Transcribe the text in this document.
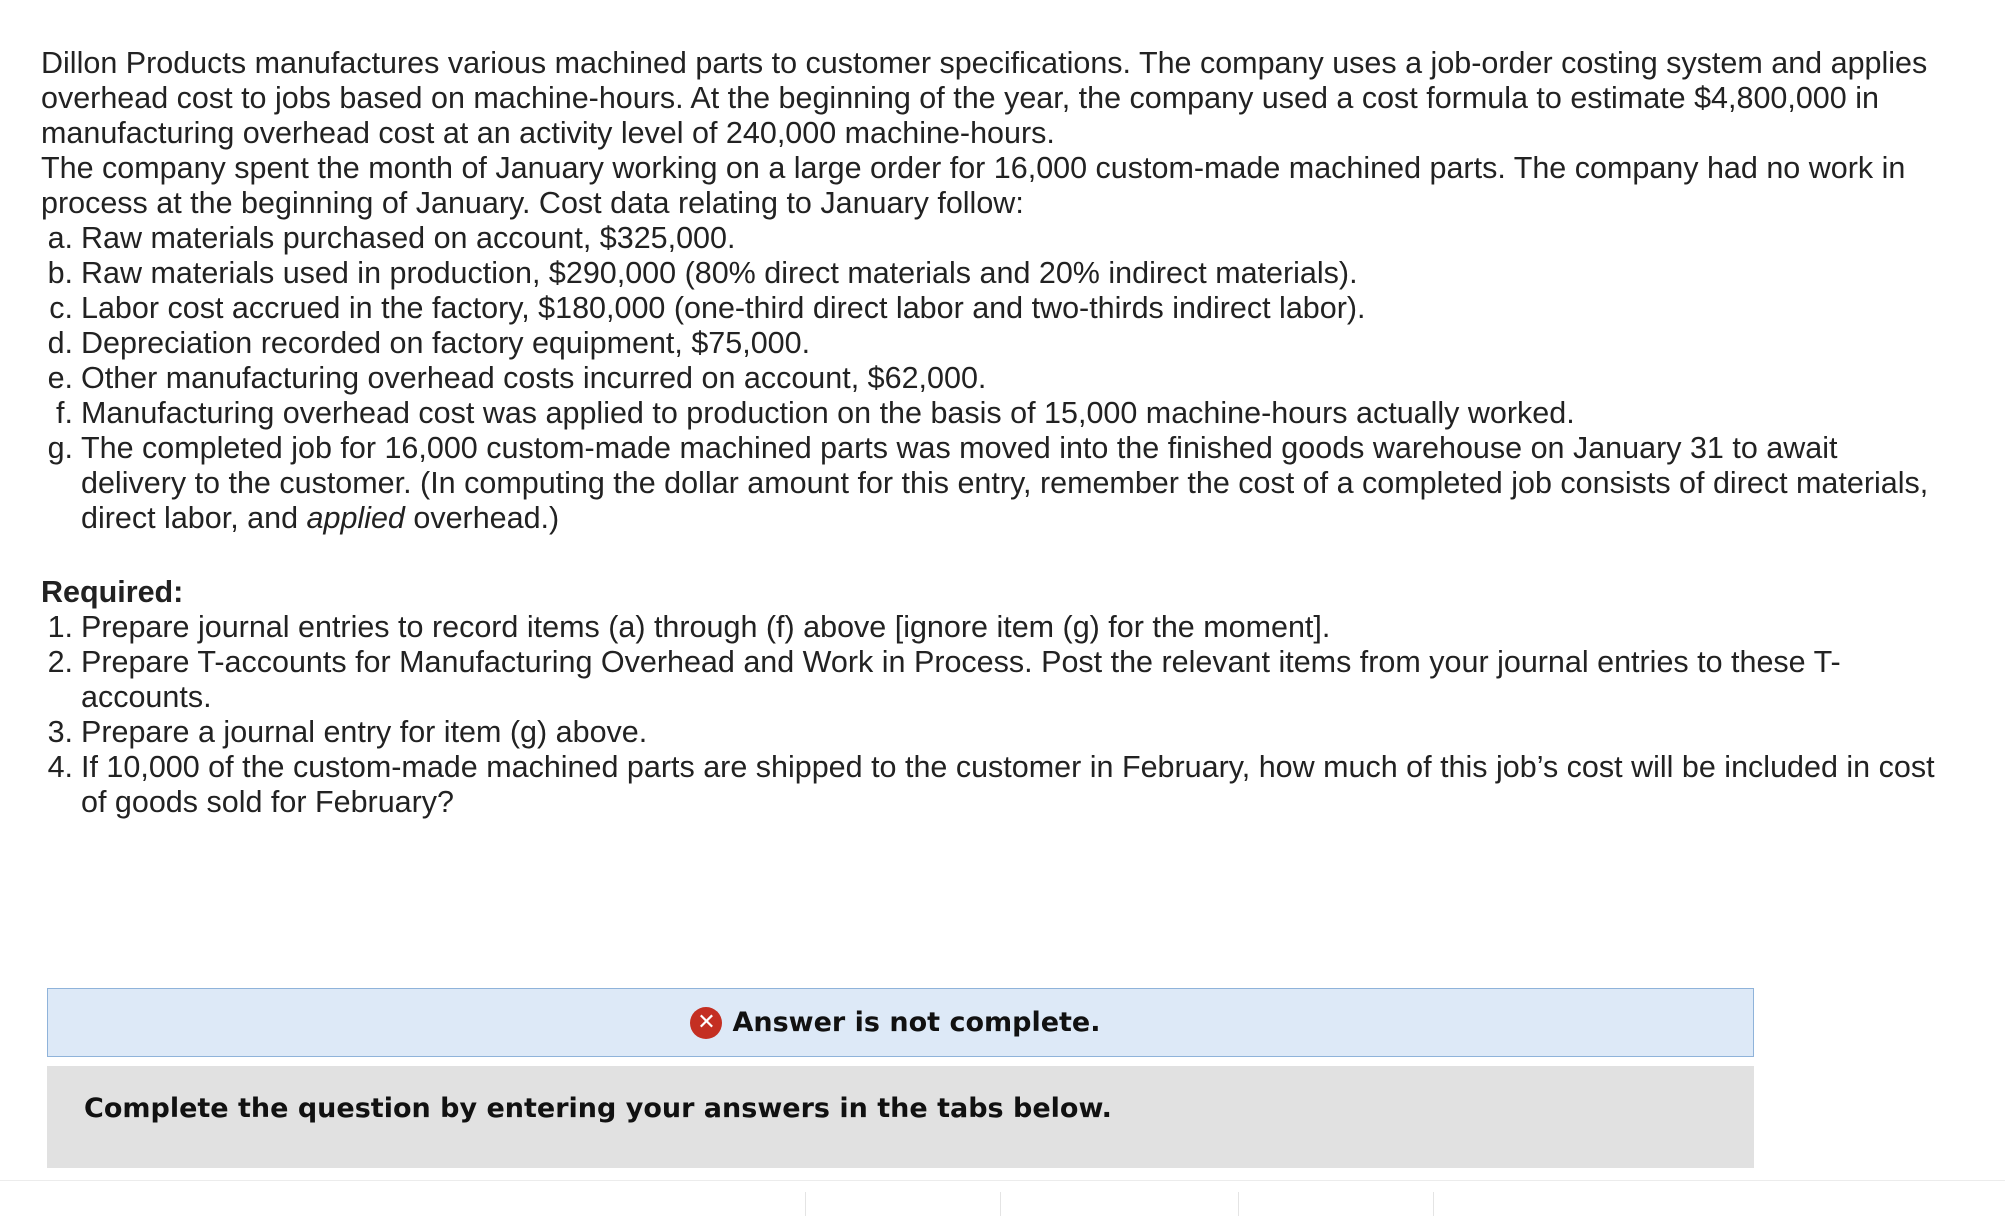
Dillon Products manufactures various machined parts to customer specifications. The company uses a job-order costing system and applies overhead cost to jobs based on machine-hours. At the beginning of the year, the company used a cost formula to estimate $4,800,000 in manufacturing overhead cost at an activity level of 240,000 machine-hours.

The company spent the month of January working on a large order for 16,000 custom-made machined parts. The company had no work in process at the beginning of January. Cost data relating to January follow:

a. Raw materials purchased on account, $325,000.
b. Raw materials used in production, $290,000 (80% direct materials and 20% indirect materials).
c. Labor cost accrued in the factory, $180,000 (one-third direct labor and two-thirds indirect labor).
d. Depreciation recorded on factory equipment, $75,000.
e. Other manufacturing overhead costs incurred on account, $62,000.
f. Manufacturing overhead cost was applied to production on the basis of 15,000 machine-hours actually worked.
g. The completed job for 16,000 custom-made machined parts was moved into the finished goods warehouse on January 31 to await delivery to the customer. (In computing the dollar amount for this entry, remember the cost of a completed job consists of direct materials, direct labor, and applied overhead.)

Required:

1. Prepare journal entries to record items (a) through (f) above [ignore item (g) for the moment].
2. Prepare T-accounts for Manufacturing Overhead and Work in Process. Post the relevant items from your journal entries to these T-accounts.
3. Prepare a journal entry for item (g) above.
4. If 10,000 of the custom-made machined parts are shipped to the customer in February, how much of this job’s cost will be included in cost of goods sold for February?
✕ Answer is not complete.
Complete the question by entering your answers in the tabs below.
